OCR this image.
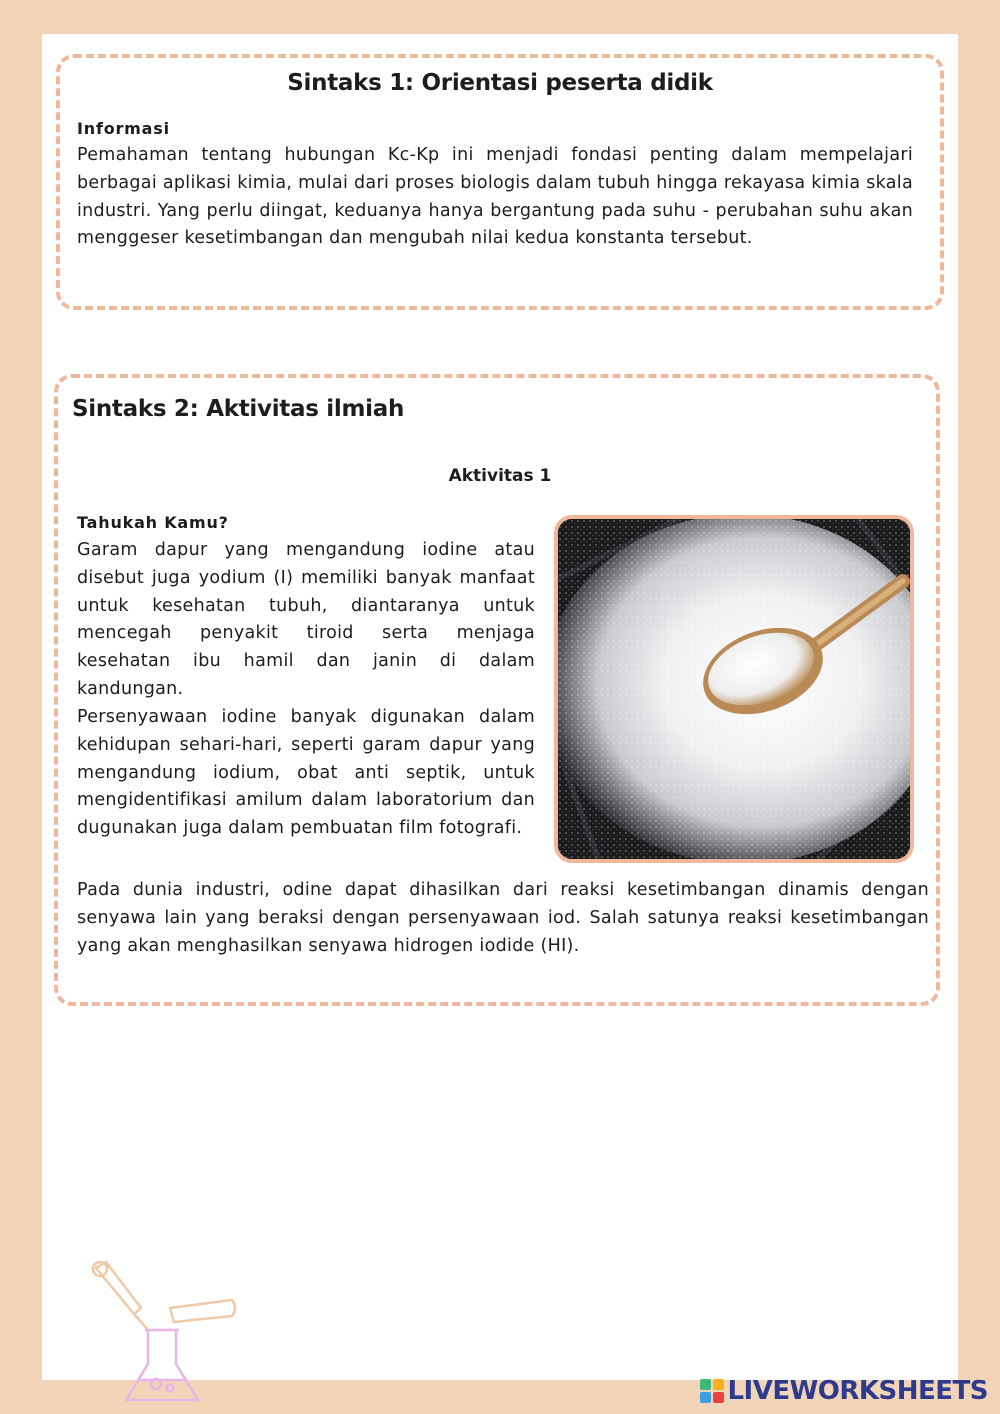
Sintaks 1: Orientasi peserta didik
Informasi

Pemahaman tentang hubungan Kc-Kp ini menjadi fondasi penting dalam mempelajari berbagai aplikasi kimia, mulai dari proses biologis dalam tubuh hingga rekayasa kimia skala industri. Yang perlu diingat, keduanya hanya bergantung pada suhu - perubahan suhu akan menggeser kesetimbangan dan mengubah nilai kedua konstanta tersebut.

Sintaks 2: Aktivitas ilmiah
Aktivitas 1
Tahukah Kamu?

Garam dapur yang mengandung iodine atau disebut juga yodium (I) memiliki banyak manfaat untuk kesehatan tubuh, diantaranya untuk mencegah penyakit tiroid serta menjaga kesehatan ibu hamil dan janin di dalam kandungan.

Persenyawaan iodine banyak digunakan dalam kehidupan sehari-hari, seperti garam dapur yang mengandung iodium, obat anti septik, untuk mengidentifikasi amilum dalam laboratorium dan dugunakan juga dalam pembuatan film fotografi.

Pada dunia industri, odine dapat dihasilkan dari reaksi kesetimbangan dinamis dengan senyawa lain yang beraksi dengan persenyawaan iod. Salah satunya reaksi kesetimbangan yang akan menghasilkan senyawa hidrogen iodide (HI).

LIVEWORKSHEETS
